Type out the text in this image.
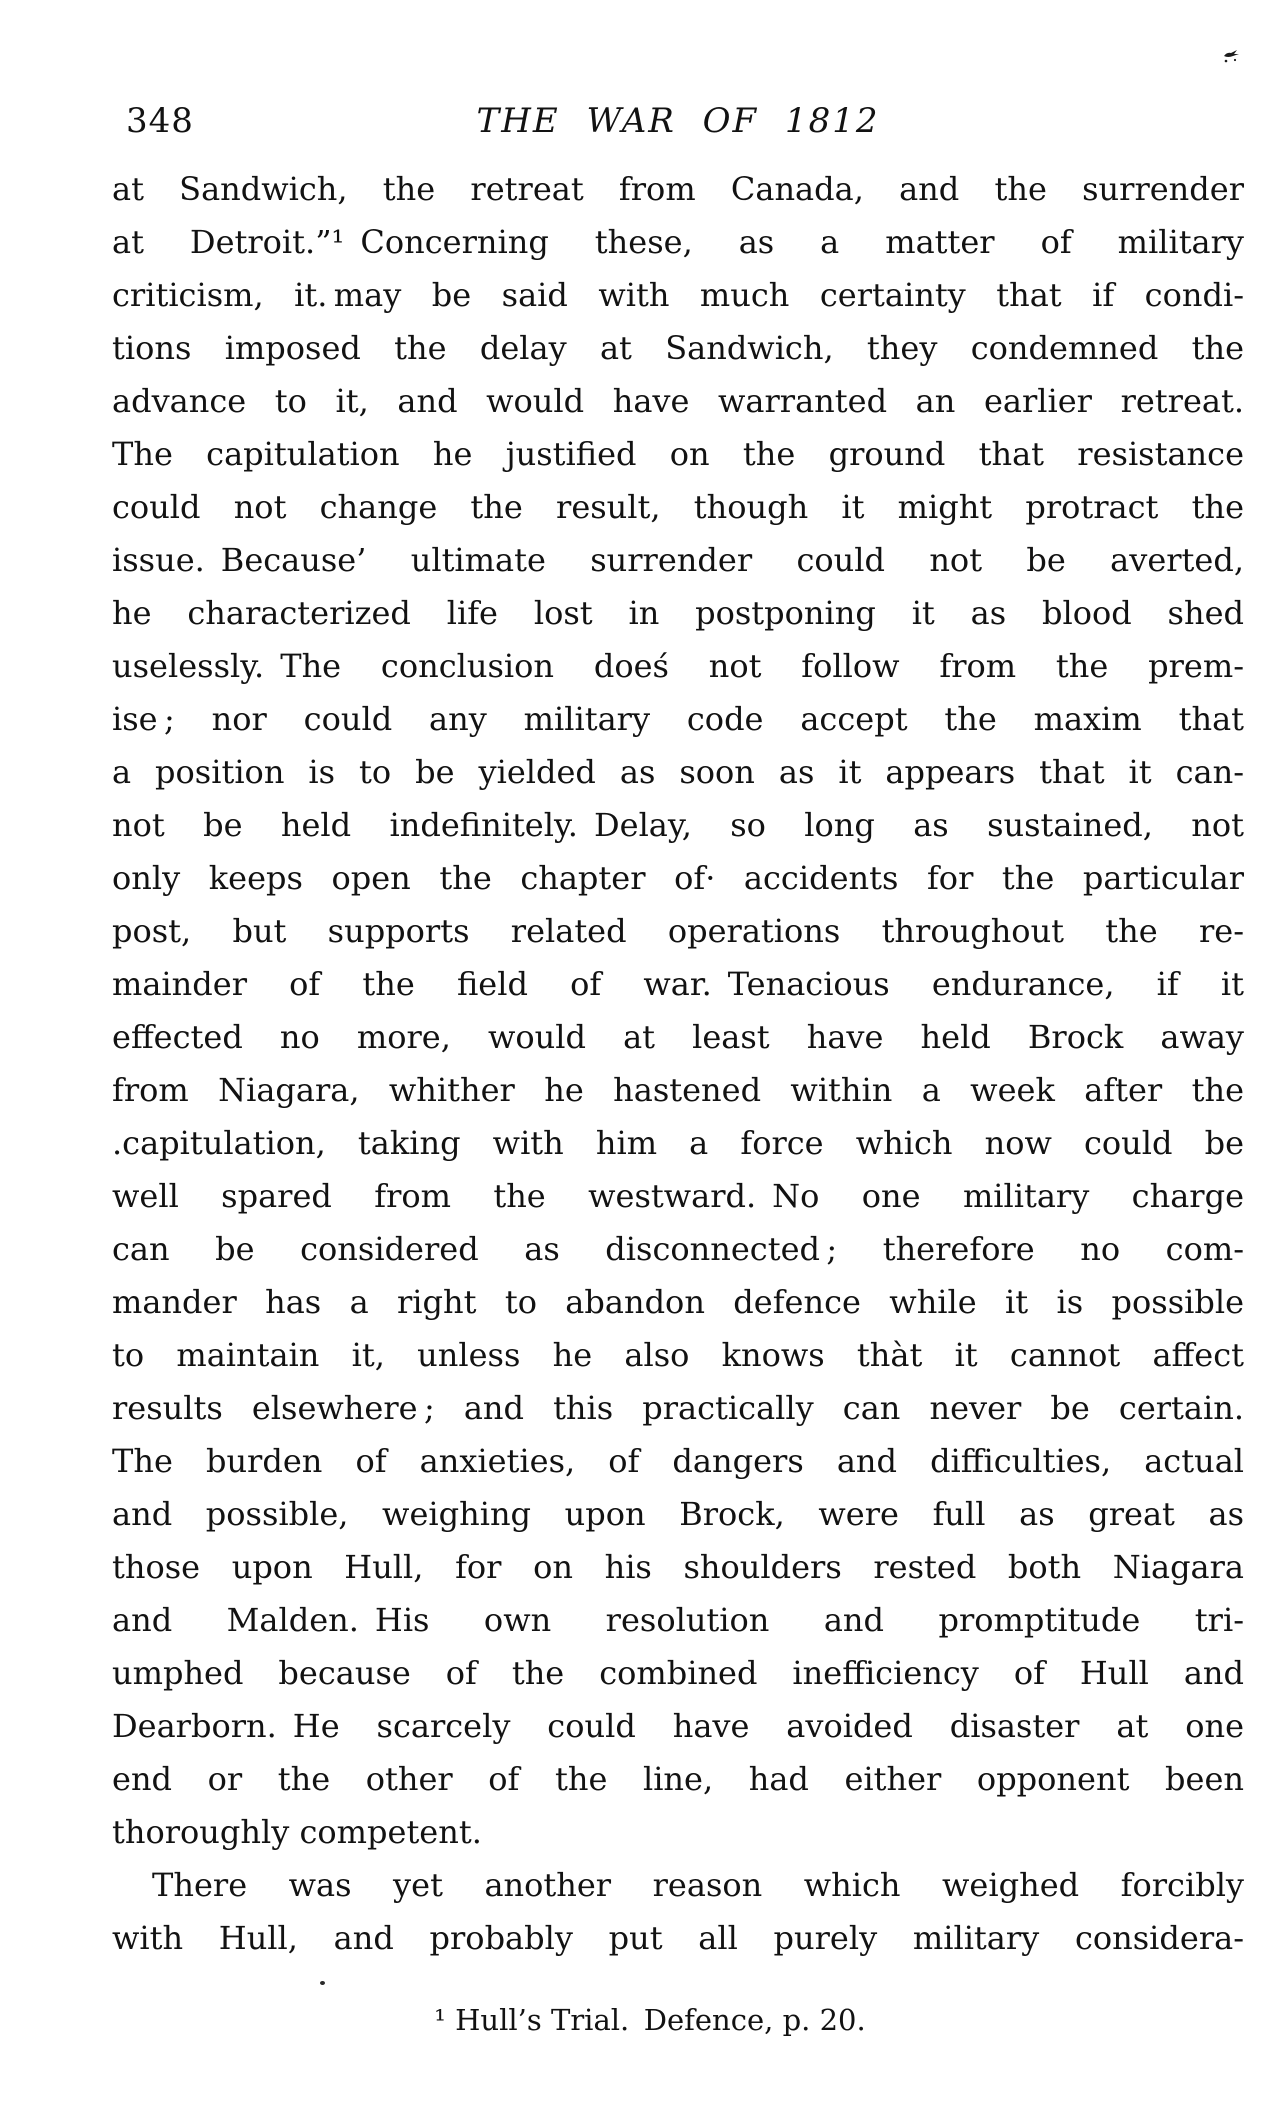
348	THE WAR OF 1812
at Sandwich, the retreat from Canada, and the surrender
at Detroit.”¹ Concerning these, as a matter of military
criticism, it. may be said with much certainty that if condi-
tions imposed the delay at Sandwich, they condemned the
advance to it, and would have warranted an earlier retreat.
The capitulation he justified on the ground that resistance
could not change the result, though it might protract the
issue. Because’ ultimate surrender could not be averted,
he characterized life lost in postponing it as blood shed
uselessly. The conclusion doeś not follow from the prem-
ise ; nor could any military code accept the maxim that
a position is to be yielded as soon as it appears that it can-
not be held indefinitely. Delay, so long as sustained, not
only keeps open the chapter of· accidents for the particular
post, but supports related operations throughout the re-
mainder of the field of war. Tenacious endurance, if it
effected no more, would at least have held Brock away
from Niagara, whither he hastened within a week after the
.capitulation, taking with him a force which now could be
well spared from the westward. No one military charge
can be considered as disconnected ; therefore no com-
mander has a right to abandon defence while it is possible
to maintain it, unless he also knows thàt it cannot affect
results elsewhere ; and this practically can never be certain.
The burden of anxieties, of dangers and difficulties, actual
and possible, weighing upon Brock, were full as great as
those upon Hull, for on his shoulders rested both Niagara
and Malden. His own resolution and promptitude tri-
umphed because of the combined inefficiency of Hull and
Dearborn. He scarcely could have avoided disaster at one
end or the other of the line, had either opponent been
thoroughly competent.
There was yet another reason which weighed forcibly
with Hull, and probably put all purely military considera-
¹ Hull’s Trial. Defence, p. 20.
